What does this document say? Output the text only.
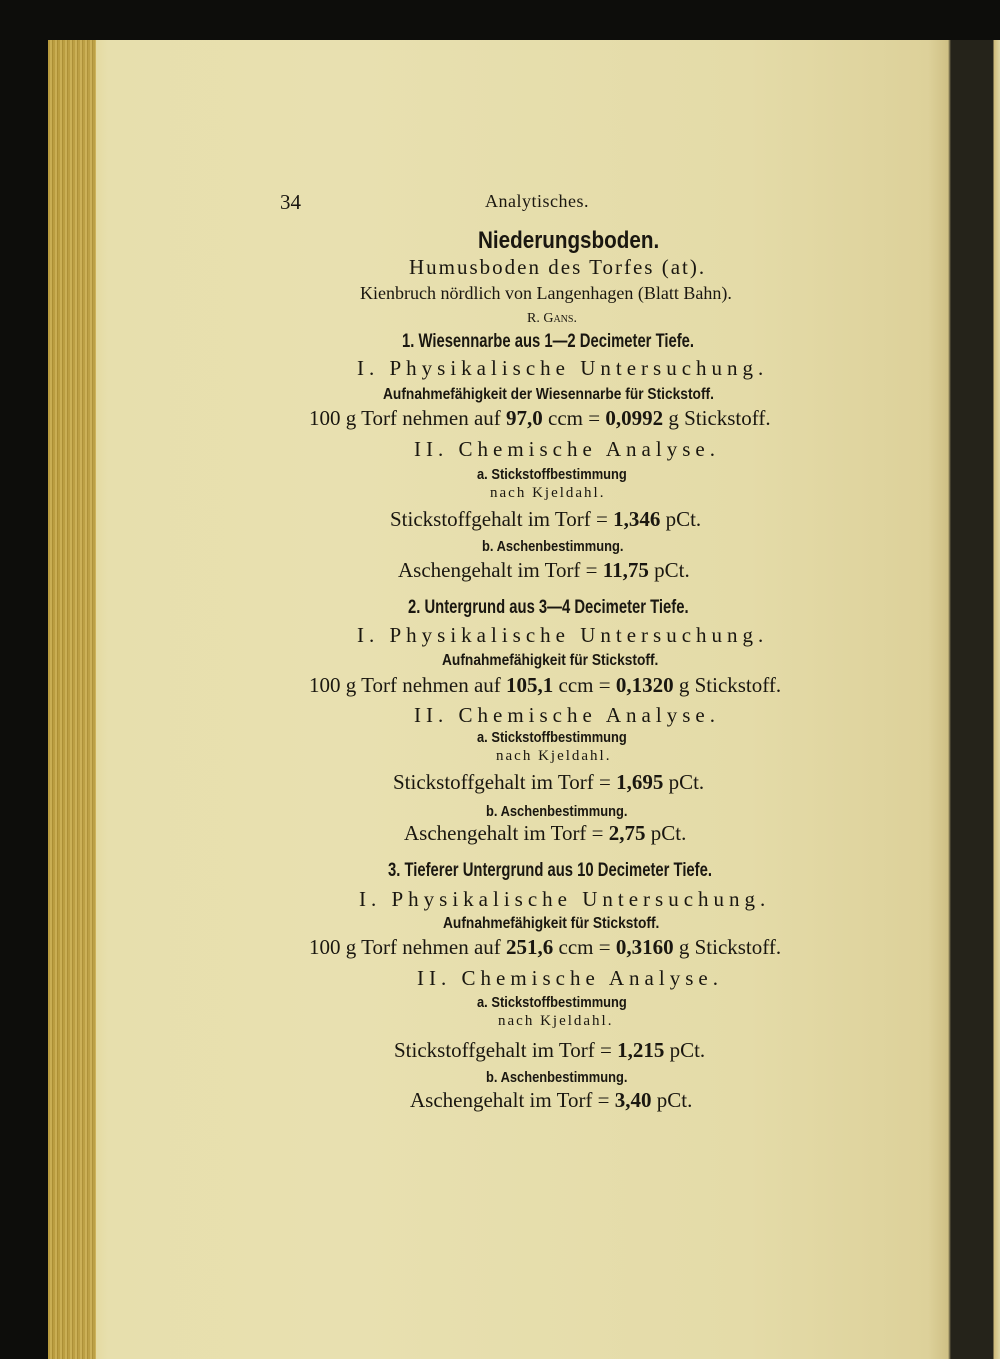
34	Analytisches.
Niederungsboden.
Humusboden des Torfes (at).
Kienbruch nördlich von Langenhagen (Blatt Bahn).
R. Gans.
1. Wiesennarbe aus 1—2 Decimeter Tiefe.
I. Physikalische Untersuchung.
Aufnahmefähigkeit der Wiesennarbe für Stickstoff.
100 g Torf nehmen auf 97,0 ccm = 0,0992 g Stickstoff.
II. Chemische Analyse.
a. Stickstoffbestimmung
nach Kjeldahl.
Stickstoffgehalt im Torf = 1,346 pCt.
b. Aschenbestimmung.
Aschengehalt im Torf = 11,75 pCt.
2. Untergrund aus 3—4 Decimeter Tiefe.
I. Physikalische Untersuchung.
Aufnahmefähigkeit für Stickstoff.
100 g Torf nehmen auf 105,1 ccm = 0,1320 g Stickstoff.
II. Chemische Analyse.
a. Stickstoffbestimmung
nach Kjeldahl.
Stickstoffgehalt im Torf = 1,695 pCt.
b. Aschenbestimmung.
Aschengehalt im Torf = 2,75 pCt.
3. Tieferer Untergrund aus 10 Decimeter Tiefe.
I. Physikalische Untersuchung.
Aufnahmefähigkeit für Stickstoff.
100 g Torf nehmen auf 251,6 ccm = 0,3160 g Stickstoff.
II. Chemische Analyse.
a. Stickstoffbestimmung
nach Kjeldahl.
Stickstoffgehalt im Torf = 1,215 pCt.
b. Aschenbestimmung.
Aschengehalt im Torf = 3,40 pCt.
